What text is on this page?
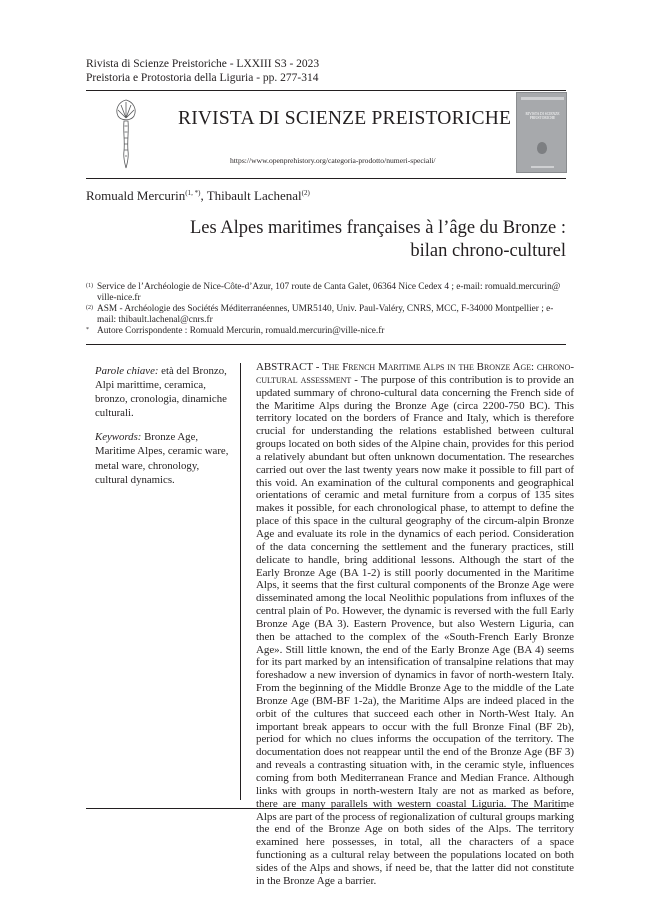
Rivista di Scienze Preistoriche - LXXIII S3 - 2023
Preistoria e Protostoria della Liguria - pp. 277-314
RIVISTA DI SCIENZE PREISTORICHE
https://www.openprehistory.org/categoria-prodotto/numeri-speciali/
RIVISTA DI SCIENZE
PREISTORICHE
Romuald Mercurin$^{(1, *)}$, Thibault Lachenal$^{(2)}$
Les Alpes maritimes françaises à l’âge du Bronze :
bilan chrono-culturel
(1) Service de l’Archéologie de Nice-Côte-d’Azur, 107 route de Canta Galet, 06364 Nice Cedex 4 ; e-mail: romuald.mercurin@ ville-nice.fr
(2) ASM - Archéologie des Sociétés Méditerranéennes, UMR5140, Univ. Paul-Valéry, CNRS, MCC, F-34000 Montpellier ; e-mail: thibault.lachenal@cnrs.fr
* Autore Corrispondente : Romuald Mercurin, romuald.mercurin@ville-nice.fr

Parole chiave: età del Bronzo, Alpi marittime, ceramica, bronzo, cronologia, dinamiche culturali.

Keywords: Bronze Age, Maritime Alpes, ceramic ware, metal ware, chronology, cultural dynamics.

ABSTRACT - The French Maritime Alps in the Bronze Age: chrono-cultural assessment - The purpose of this contribution is to provide an updated summary of chrono-cultural data concerning the French side of the Maritime Alps during the Bronze Age (circa 2200-750 BC). This territory located on the borders of France and Italy, which is therefore crucial for understanding the relations established between cultural groups located on both sides of the Alpine chain, provides for this period a relatively abundant but often unknown documentation. The researches carried out over the last twenty years now make it possible to fill part of this void. An examination of the cultural components and geographical orientations of ceramic and metal furniture from a corpus of 135 sites makes it possible, for each chronological phase, to attempt to define the place of this space in the cultural geography of the circum-alpin Bronze Age and evaluate its role in the dynamics of each period. Consideration of the data concerning the settlement and the funerary practices, still delicate to handle, bring additional lessons. Although the start of the Early Bronze Age (BA 1-2) is still poorly documented in the Maritime Alps, it seems that the first cultural components of the Bronze Age were disseminated among the local Neolithic populations from influxes of the central plain of Po. However, the dynamic is reversed with the full Early Bronze Age (BA 3). Eastern Provence, but also Western Liguria, can then be attached to the complex of the «South-French Early Bronze Age». Still little known, the end of the Early Bronze Age (BA 4) seems for its part marked by an intensification of transalpine relations that may foreshadow a new inversion of dynamics in favor of north-western Italy. From the beginning of the Middle Bronze Age to the middle of the Late Bronze Age (BM-BF 1-2a), the Maritime Alps are indeed placed in the orbit of the cultures that succeed each other in North-West Italy. An important break appears to occur with the full Bronze Final (BF 2b), period for which no clues informs the occupation of the territory. The documentation does not reappear until the end of the Bronze Age (BF 3) and reveals a contrasting situation with, in the ceramic style, influences coming from both Mediterranean France and Median France. Although links with groups in north-western Italy are not as marked as before, there are many parallels with western coastal Liguria. The Maritime Alps are part of the process of regionalization of cultural groups marking the end of the Bronze Age on both sides of the Alps. The territory examined here possesses, in total, all the characters of a space functioning as a cultural relay between the populations located on both sides of the Alps and shows, if need be, that the latter did not constitute in the Bronze Age a barrier.
